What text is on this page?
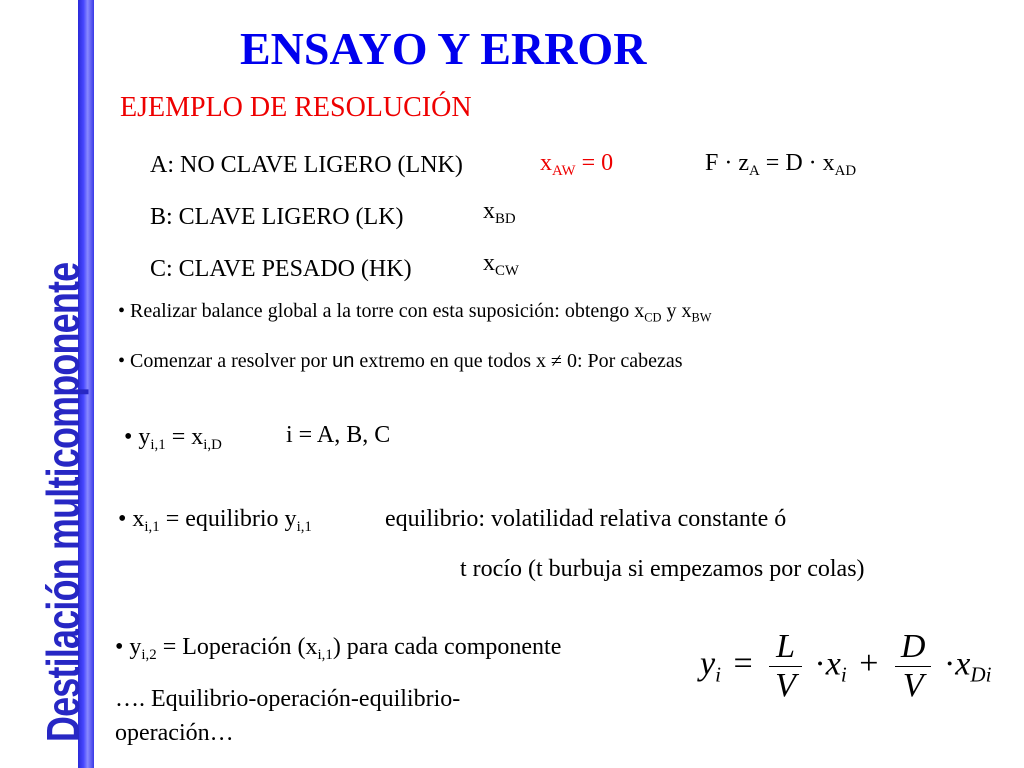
Destilación multicomponente
ENSAYO Y ERROR
EJEMPLO DE RESOLUCIÓN
A: NO CLAVE LIGERO (LNK)	$x_{AW} = 0$	$F \cdot z_A = D \cdot x_{AD}$
B: CLAVE LIGERO (LK)	$x_{BD}$
C: CLAVE PESADO (HK)	$x_{CW}$
• Realizar balance global a la torre con esta suposición: obtengo $x_{CD}$ y $x_{BW}$
• Comenzar a resolver por un extremo en que todos x ≠ 0: Por cabezas
• $y_{i,1} = x_{i,D}$	i = A, B, C
• $x_{i,1}$ = equilibrio $y_{i,1}$	equilibrio: volatilidad relativa constante ó
t rocío (t burbuja si empezamos por colas)
• $y_{i,2}$ = Loperación $(x_{i,1})$ para cada componente
…. Equilibrio-operación-equilibrio-
operación…
$y_i = \frac{L}{V} \cdot x_i + \frac{D}{V} \cdot x_{Di}$
